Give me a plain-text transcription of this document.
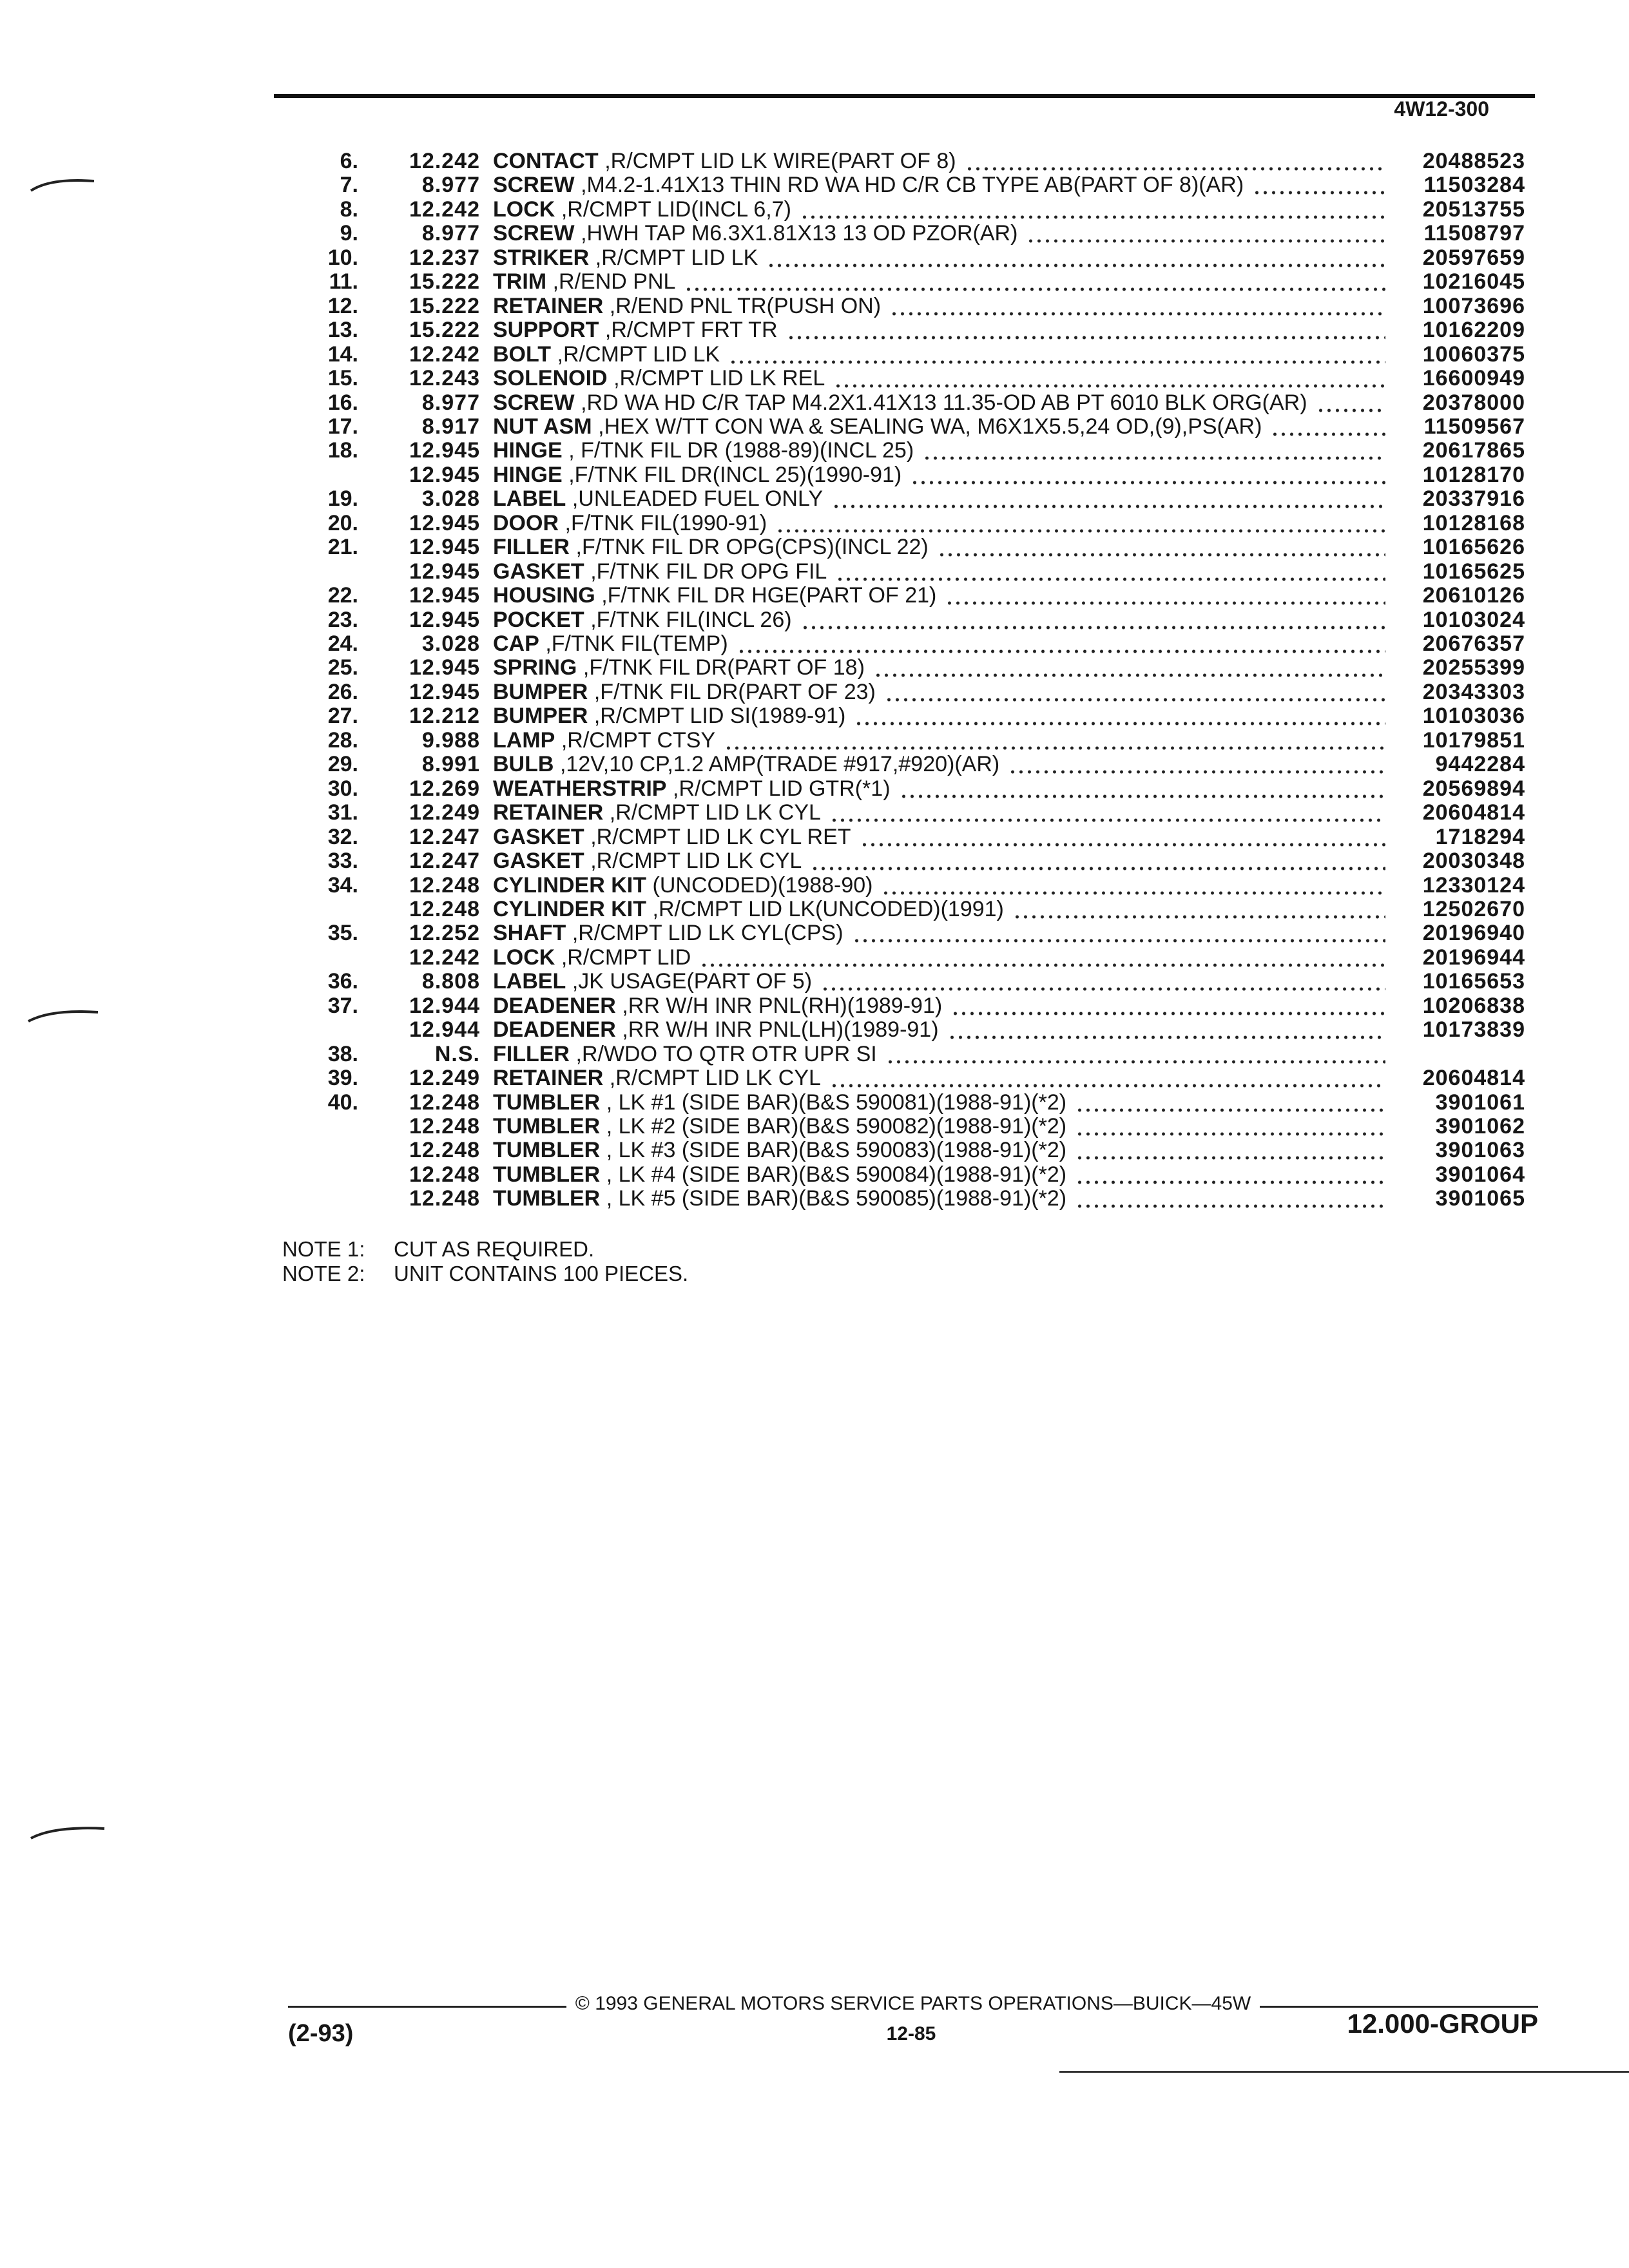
4W12-300
6.	12.242 CONTACT ,R/CMPT LID LK WIRE(PART OF 8)	20488523
7.	8.977 SCREW ,M4.2-1.41X13 THIN RD WA HD C/R CB TYPE AB(PART OF 8)(AR)	11503284
8.	12.242 LOCK ,R/CMPT LID(INCL 6,7)	20513755
9.	8.977 SCREW ,HWH TAP M6.3X1.81X13 13 OD PZOR(AR)	11508797
10.	12.237 STRIKER ,R/CMPT LID LK	20597659
11.	15.222 TRIM ,R/END PNL	10216045
12.	15.222 RETAINER ,R/END PNL TR(PUSH ON)	10073696
13.	15.222 SUPPORT ,R/CMPT FRT TR	10162209
14.	12.242 BOLT ,R/CMPT LID LK	10060375
15.	12.243 SOLENOID ,R/CMPT LID LK REL	16600949
16.	8.977 SCREW ,RD WA HD C/R TAP M4.2X1.41X13 11.35-OD AB PT 6010 BLK ORG(AR)	20378000
17.	8.917 NUT ASM ,HEX W/TT CON WA & SEALING WA, M6X1X5.5,24 OD,(9),PS(AR)	11509567
18.	12.945 HINGE , F/TNK FIL DR (1988-89)(INCL 25)	20617865
12.945 HINGE ,F/TNK FIL DR(INCL 25)(1990-91)	10128170
19.	3.028 LABEL ,UNLEADED FUEL ONLY	20337916
20.	12.945 DOOR ,F/TNK FIL(1990-91)	10128168
21.	12.945 FILLER ,F/TNK FIL DR OPG(CPS)(INCL 22)	10165626
12.945 GASKET ,F/TNK FIL DR OPG FIL	10165625
22.	12.945 HOUSING ,F/TNK FIL DR HGE(PART OF 21)	20610126
23.	12.945 POCKET ,F/TNK FIL(INCL 26)	10103024
24.	3.028 CAP ,F/TNK FIL(TEMP)	20676357
25.	12.945 SPRING ,F/TNK FIL DR(PART OF 18)	20255399
26.	12.945 BUMPER ,F/TNK FIL DR(PART OF 23)	20343303
27.	12.212 BUMPER ,R/CMPT LID SI(1989-91)	10103036
28.	9.988 LAMP ,R/CMPT CTSY	10179851
29.	8.991 BULB ,12V,10 CP,1.2 AMP(TRADE #917,#920)(AR)	9442284
30.	12.269 WEATHERSTRIP ,R/CMPT LID GTR(*1)	20569894
31.	12.249 RETAINER ,R/CMPT LID LK CYL	20604814
32.	12.247 GASKET ,R/CMPT LID LK CYL RET	1718294
33.	12.247 GASKET ,R/CMPT LID LK CYL	20030348
34.	12.248 CYLINDER KIT (UNCODED)(1988-90)	12330124
12.248 CYLINDER KIT ,R/CMPT LID LK(UNCODED)(1991)	12502670
35.	12.252 SHAFT ,R/CMPT LID LK CYL(CPS)	20196940
12.242 LOCK ,R/CMPT LID	20196944
36.	8.808 LABEL ,JK USAGE(PART OF 5)	10165653
37.	12.944 DEADENER ,RR W/H INR PNL(RH)(1989-91)	10206838
12.944 DEADENER ,RR W/H INR PNL(LH)(1989-91)	10173839
38.	N.S. FILLER ,R/WDO TO QTR OTR UPR SI
39.	12.249 RETAINER ,R/CMPT LID LK CYL	20604814
40.	12.248 TUMBLER , LK #1 (SIDE BAR)(B&S 590081)(1988-91)(*2)	3901061
12.248 TUMBLER , LK #2 (SIDE BAR)(B&S 590082)(1988-91)(*2)	3901062
12.248 TUMBLER , LK #3 (SIDE BAR)(B&S 590083)(1988-91)(*2)	3901063
12.248 TUMBLER , LK #4 (SIDE BAR)(B&S 590084)(1988-91)(*2)	3901064
12.248 TUMBLER , LK #5 (SIDE BAR)(B&S 590085)(1988-91)(*2)	3901065
NOTE 1: CUT AS REQUIRED.
NOTE 2: UNIT CONTAINS 100 PIECES.
© 1993 GENERAL MOTORS SERVICE PARTS OPERATIONS—BUICK—45W
(2-93)	12-85	12.000-GROUP
